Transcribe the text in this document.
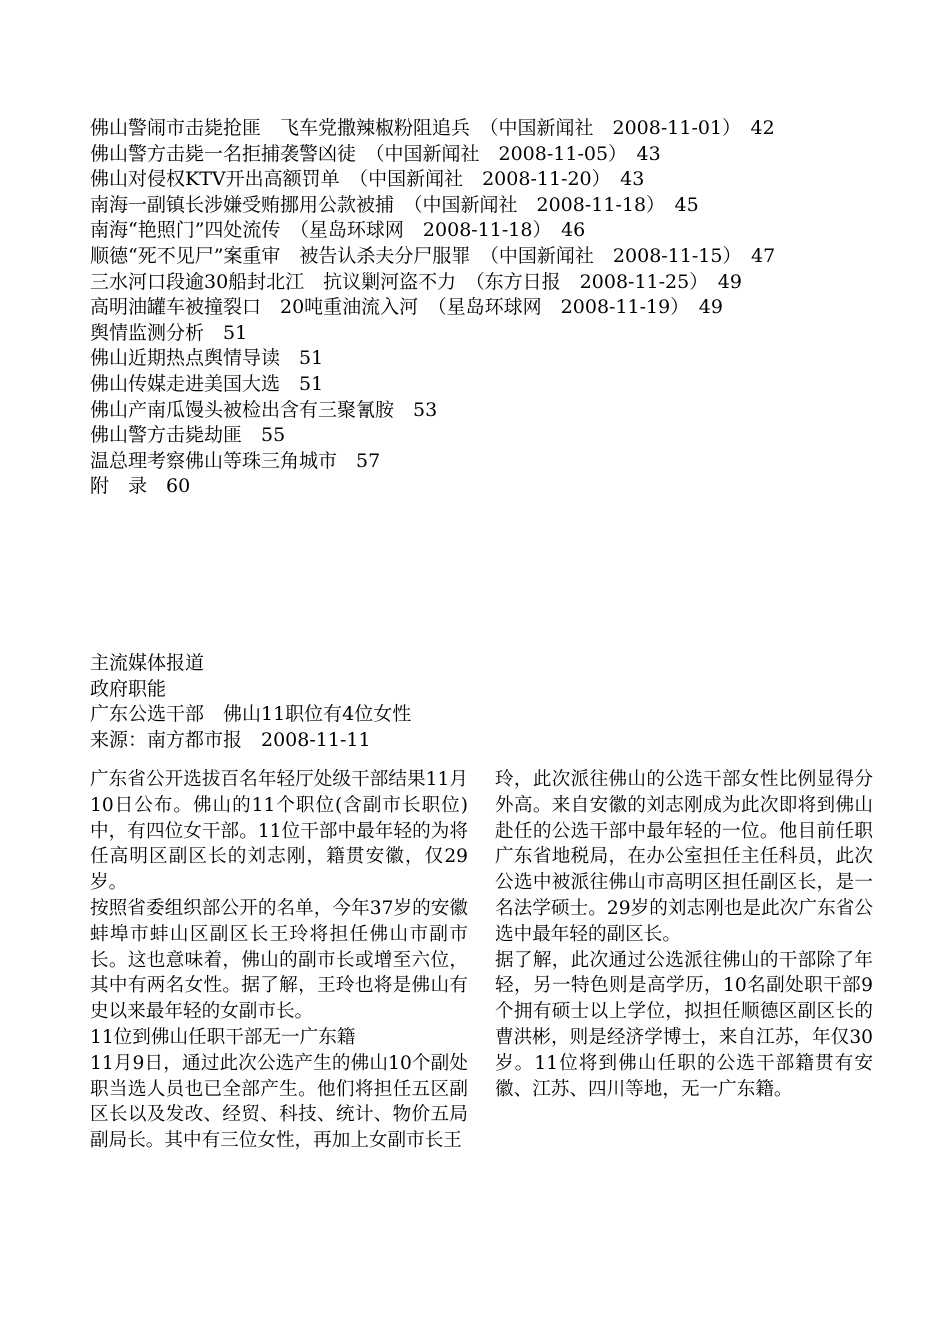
佛山警闹市击毙抢匪　飞车党撒辣椒粉阻追兵　（中国新闻社　2008-11-01）　42
佛山警方击毙一名拒捕袭警凶徒　（中国新闻社　2008-11-05）　43
佛山对侵权KTV开出高额罚单　（中国新闻社　2008-11-20）　43
南海一副镇长涉嫌受贿挪用公款被捕　（中国新闻社　2008-11-18）　45
南海“艳照门”四处流传　（星岛环球网　2008-11-18）　46
顺德“死不见尸”案重审　被告认杀夫分尸服罪　（中国新闻社　2008-11-15）　47
三水河口段逾30船封北江　抗议剿河盗不力　（东方日报　2008-11-25）　49
高明油罐车被撞裂口　20吨重油流入河　（星岛环球网　2008-11-19）　49
舆情监测分析　51
佛山近期热点舆情导读　51
佛山传媒走进美国大选　51
佛山产南瓜馒头被检出含有三聚氰胺　53
佛山警方击毙劫匪　55
温总理考察佛山等珠三角城市　57
附　录　60
主流媒体报道
政府职能
广东公选干部　佛山11职位有4位女性
来源：南方都市报　2008-11-11

广东省公开选拔百名年轻厅处级干部结果11月10日公布。佛山的11个职位(含副市长职位)中，有四位女干部。11位干部中最年轻的为将任高明区副区长的刘志刚，籍贯安徽，仅29岁。

按照省委组织部公开的名单，今年37岁的安徽蚌埠市蚌山区副区长王玲将担任佛山市副市长。这也意味着，佛山的副市长或增至六位，其中有两名女性。据了解，王玲也将是佛山有史以来最年轻的女副市长。

11位到佛山任职干部无一广东籍

11月9日，通过此次公选产生的佛山10个副处职当选人员也已全部产生。他们将担任五区副区长以及发改、经贸、科技、统计、物价五局副局长。其中有三位女性，再加上女副市长王

玲，此次派往佛山的公选干部女性比例显得分外高。来自安徽的刘志刚成为此次即将到佛山赴任的公选干部中最年轻的一位。他目前任职广东省地税局，在办公室担任主任科员，此次公选中被派往佛山市高明区担任副区长，是一名法学硕士。29岁的刘志刚也是此次广东省公选中最年轻的副区长。

据了解，此次通过公选派往佛山的干部除了年轻，另一特色则是高学历，10名副处职干部9个拥有硕士以上学位，拟担任顺德区副区长的曹洪彬，则是经济学博士，来自江苏，年仅30岁。11位将到佛山任职的公选干部籍贯有安徽、江苏、四川等地，无一广东籍。
